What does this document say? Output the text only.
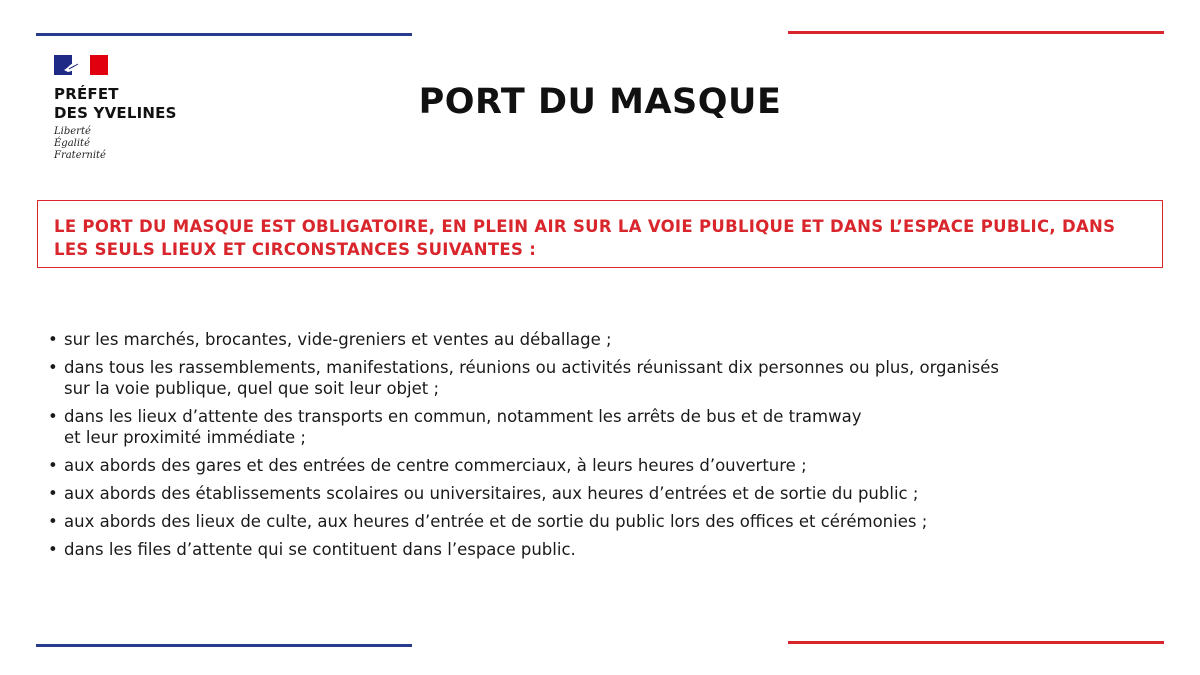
PRÉFET
DES YVELINES
Liberté
Égalité
Fraternité
PORT DU MASQUE
LE PORT DU MASQUE EST OBLIGATOIRE, EN PLEIN AIR SUR LA VOIE PUBLIQUE ET DANS L’ESPACE PUBLIC, DANS LES SEULS LIEUX ET CIRCONSTANCES SUIVANTES :
• sur les marchés, brocantes, vide-greniers et ventes au déballage ;
• dans tous les rassemblements, manifestations, réunions ou activités réunissant dix personnes ou plus, organisés
sur la voie publique, quel que soit leur objet ;
• dans les lieux d’attente des transports en commun, notamment les arrêts de bus et de tramway
et leur proximité immédiate ;
• aux abords des gares et des entrées de centre commerciaux, à leurs heures d’ouverture ;
• aux abords des établissements scolaires ou universitaires, aux heures d’entrées et de sortie du public ;
• aux abords des lieux de culte, aux heures d’entrée et de sortie du public lors des offices et cérémonies ;
• dans les files d’attente qui se contituent dans l’espace public.
